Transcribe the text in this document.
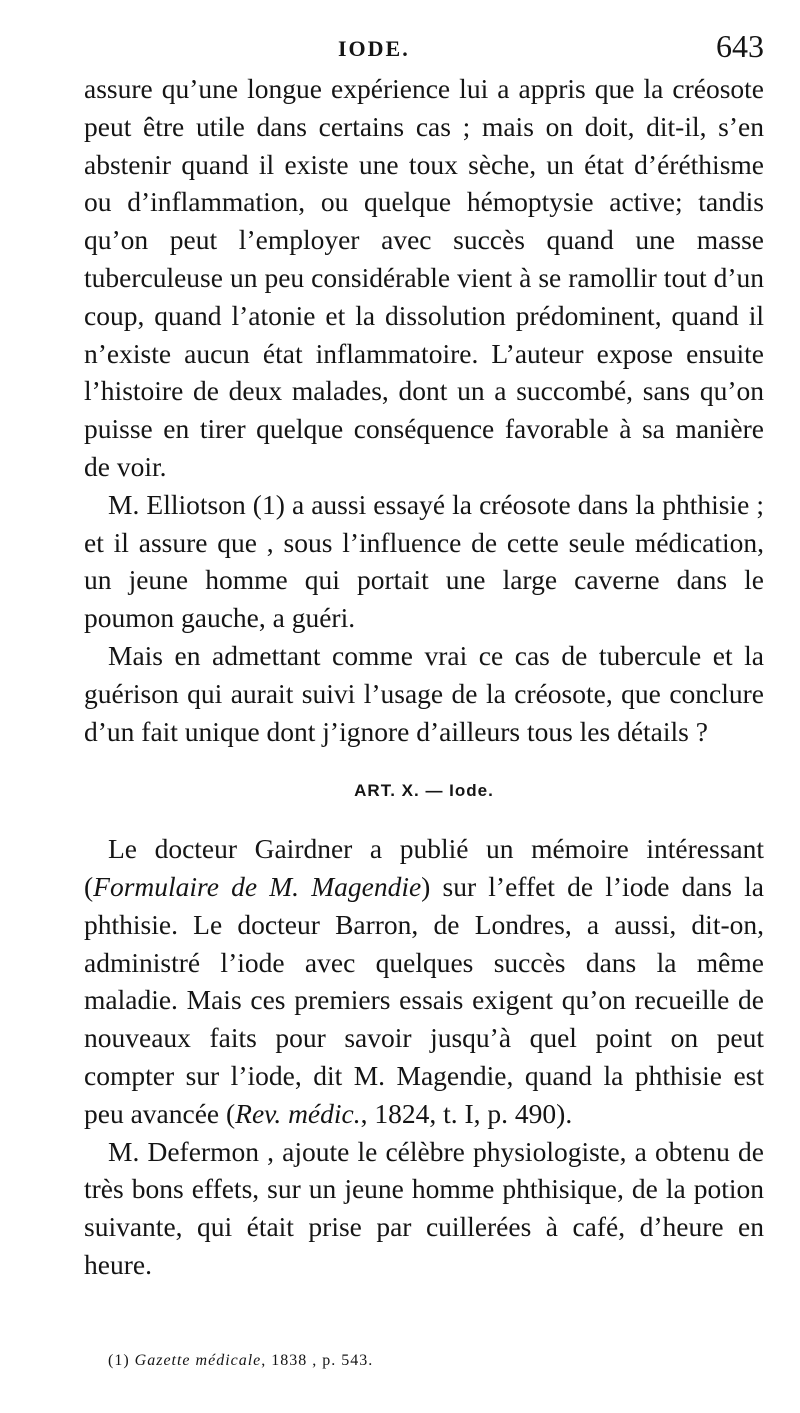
IODE.	643

assure qu’une longue expérience lui a appris que la créosote peut être utile dans certains cas ; mais on doit, dit-il, s’en abstenir quand il existe une toux sèche, un état d’éréthisme ou d’inflammation, ou quelque hémoptysie active; tandis qu’on peut l’employer avec succès quand une masse tuberculeuse un peu considérable vient à se ramollir tout d’un coup, quand l’atonie et la dissolution prédominent, quand il n’existe aucun état inflammatoire. L’auteur expose ensuite l’histoire de deux malades, dont un a succombé, sans qu’on puisse en tirer quelque conséquence favorable à sa manière de voir.

M. Elliotson (1) a aussi essayé la créosote dans la phthisie ; et il assure que , sous l’influence de cette seule médication, un jeune homme qui portait une large caverne dans le poumon gauche, a guéri.

Mais en admettant comme vrai ce cas de tubercule et la guérison qui aurait suivi l’usage de la créosote, que conclure d’un fait unique dont j’ignore d’ailleurs tous les détails ?

ART. X. — Iode.

Le docteur Gairdner a publié un mémoire intéressant (Formulaire de M. Magendie) sur l’effet de l’iode dans la phthisie. Le docteur Barron, de Londres, a aussi, dit-on, administré l’iode avec quelques succès dans la même maladie. Mais ces premiers essais exigent qu’on recueille de nouveaux faits pour savoir jusqu’à quel point on peut compter sur l’iode, dit M. Magendie, quand la phthisie est peu avancée (Rev. médic., 1824, t. I, p. 490).

M. Defermon , ajoute le célèbre physiologiste, a obtenu de très bons effets, sur un jeune homme phthisique, de la potion suivante, qui était prise par cuillerées à café, d’heure en heure.

(1) Gazette médicale, 1838 , p. 543.
